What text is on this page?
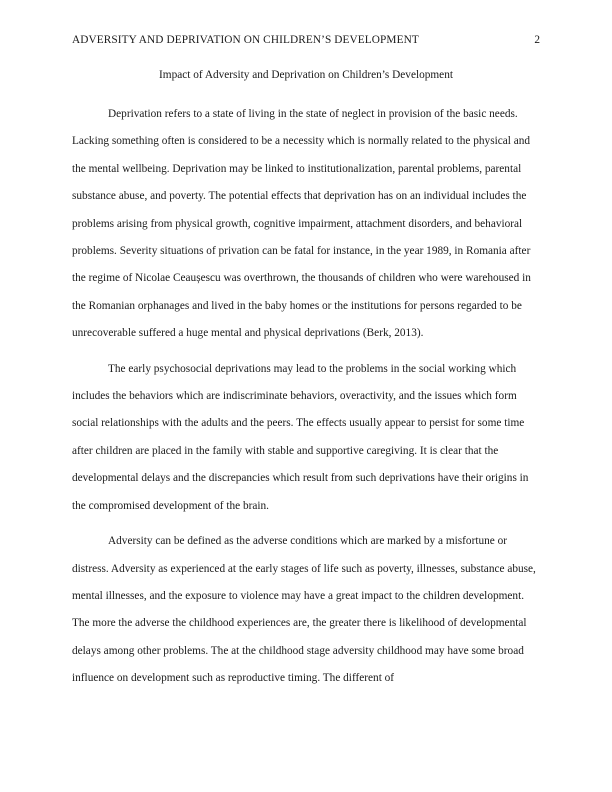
ADVERSITY AND DEPRIVATION ON CHILDREN’S DEVELOPMENT	2
Impact of Adversity and Deprivation on Children’s Development

Deprivation refers to a state of living in the state of neglect in provision of the basic needs. Lacking something often is considered to be a necessity which is normally related to the physical and the mental wellbeing. Deprivation may be linked to institutionalization, parental problems, parental substance abuse, and poverty. The potential effects that deprivation has on an individual includes the problems arising from physical growth, cognitive impairment, attachment disorders, and behavioral problems. Severity situations of privation can be fatal for instance, in the year 1989, in Romania after the regime of Nicolae Ceaușescu was overthrown, the thousands of children who were warehoused in the Romanian orphanages and lived in the baby homes or the institutions for persons regarded to be unrecoverable suffered a huge mental and physical deprivations (Berk, 2013).

The early psychosocial deprivations may lead to the problems in the social working which includes the behaviors which are indiscriminate behaviors, overactivity, and the issues which form social relationships with the adults and the peers. The effects usually appear to persist for some time after children are placed in the family with stable and supportive caregiving. It is clear that the developmental delays and the discrepancies which result from such deprivations have their origins in the compromised development of the brain.

Adversity can be defined as the adverse conditions which are marked by a misfortune or distress. Adversity as experienced at the early stages of life such as poverty, illnesses, substance abuse, mental illnesses, and the exposure to violence may have a great impact to the children development. The more the adverse the childhood experiences are, the greater there is likelihood of developmental delays among other problems. The at the childhood stage adversity childhood may have some broad influence on development such as reproductive timing. The different of
